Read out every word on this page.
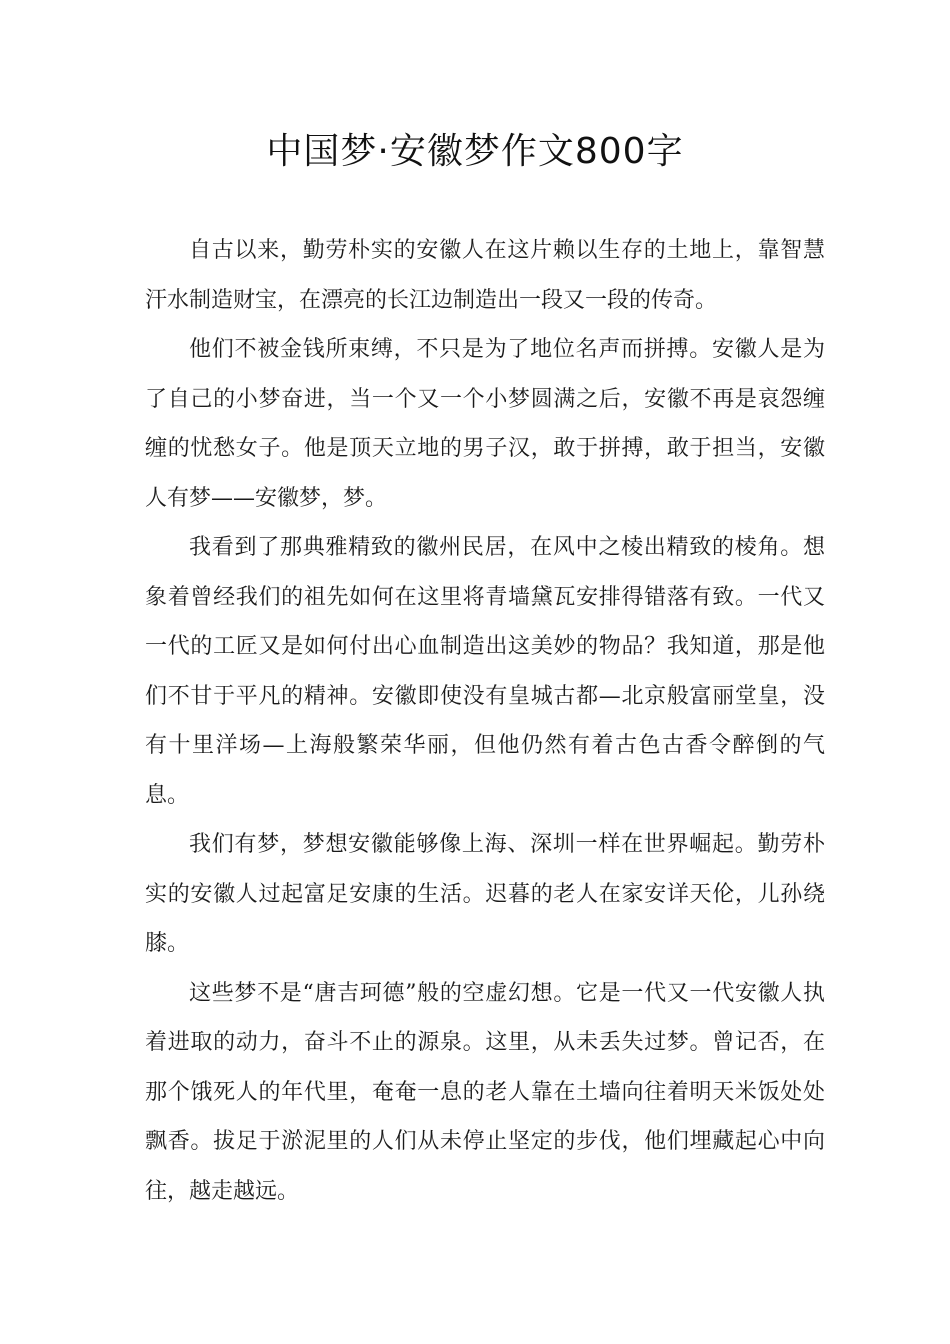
中国梦·安徽梦作文800字

自古以来，勤劳朴实的安徽人在这片赖以生存的土地上，靠智慧汗水制造财宝，在漂亮的长江边制造出一段又一段的传奇。

他们不被金钱所束缚，不只是为了地位名声而拼搏。安徽人是为了自己的小梦奋进，当一个又一个小梦圆满之后，安徽不再是哀怨缠缠的忧愁女子。他是顶天立地的男子汉，敢于拼搏，敢于担当，安徽人有梦——安徽梦，梦。

我看到了那典雅精致的徽州民居，在风中之棱出精致的棱角。想象着曾经我们的祖先如何在这里将青墙黛瓦安排得错落有致。一代又一代的工匠又是如何付出心血制造出这美妙的物品？我知道，那是他们不甘于平凡的精神。安徽即使没有皇城古都—北京般富丽堂皇，没有十里洋场—上海般繁荣华丽，但他仍然有着古色古香令醉倒的气息。

我们有梦，梦想安徽能够像上海、深圳一样在世界崛起。勤劳朴实的安徽人过起富足安康的生活。迟暮的老人在家安详天伦，儿孙绕膝。

这些梦不是“唐吉珂德”般的空虚幻想。它是一代又一代安徽人执着进取的动力，奋斗不止的源泉。这里，从未丢失过梦。曾记否，在那个饿死人的年代里，奄奄一息的老人靠在土墙向往着明天米饭处处飘香。拔足于淤泥里的人们从未停止坚定的步伐，他们埋藏起心中向往，越走越远。
